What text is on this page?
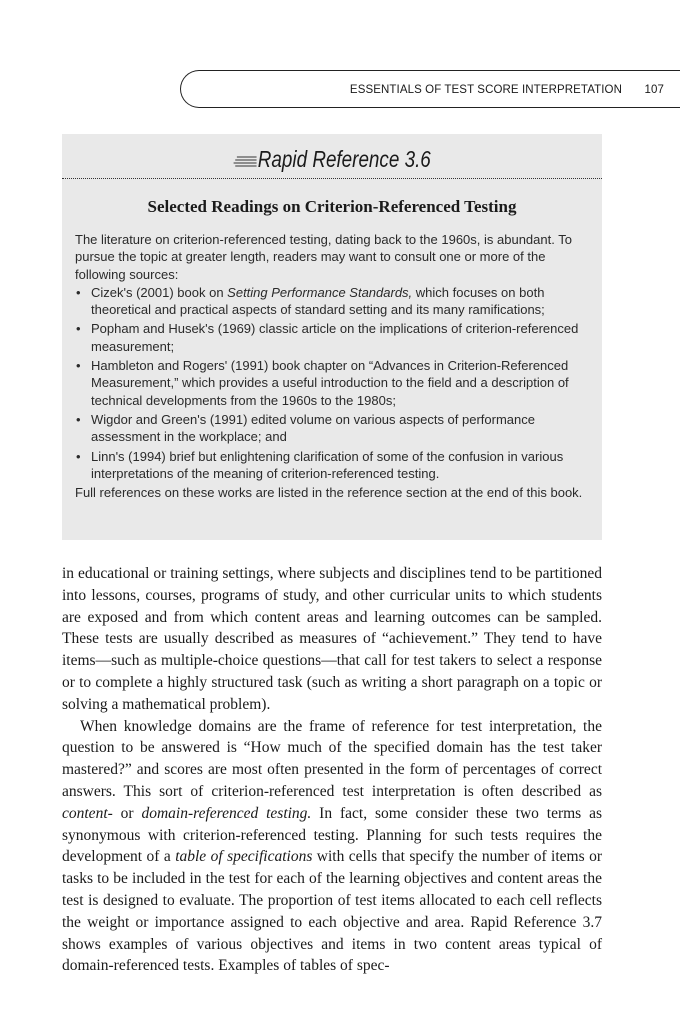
ESSENTIALS OF TEST SCORE INTERPRETATION 107
Rapid Reference 3.6
Selected Readings on Criterion-Referenced Testing

The literature on criterion-referenced testing, dating back to the 1960s, is abundant. To pursue the topic at greater length, readers may want to consult one or more of the following sources:

• Cizek's (2001) book on Setting Performance Standards, which focuses on both theoretical and practical aspects of standard setting and its many ramifications;
• Popham and Husek's (1969) classic article on the implications of criterion-referenced measurement;
• Hambleton and Rogers' (1991) book chapter on “Advances in Criterion-Referenced Measurement,” which provides a useful introduction to the field and a description of technical developments from the 1960s to the 1980s;
• Wigdor and Green's (1991) edited volume on various aspects of performance assessment in the workplace; and
• Linn's (1994) brief but enlightening clarification of some of the confusion in various interpretations of the meaning of criterion-referenced testing.

Full references on these works are listed in the reference section at the end of this book.

in educational or training settings, where subjects and disciplines tend to be partitioned into lessons, courses, programs of study, and other curricular units to which students are exposed and from which content areas and learning outcomes can be sampled. These tests are usually described as measures of “achievement.” They tend to have items—such as multiple-choice questions—that call for test takers to select a response or to complete a highly structured task (such as writing a short paragraph on a topic or solving a mathematical problem).

When knowledge domains are the frame of reference for test interpretation, the question to be answered is “How much of the specified domain has the test taker mastered?” and scores are most often presented in the form of percentages of correct answers. This sort of criterion-referenced test interpretation is often described as content- or domain-referenced testing. In fact, some consider these two terms as synonymous with criterion-referenced testing. Planning for such tests requires the development of a table of specifications with cells that specify the number of items or tasks to be included in the test for each of the learning objectives and content areas the test is designed to evaluate. The proportion of test items allocated to each cell reflects the weight or importance assigned to each objective and area. Rapid Reference 3.7 shows examples of various objectives and items in two content areas typical of domain-referenced tests. Examples of tables of spec-
